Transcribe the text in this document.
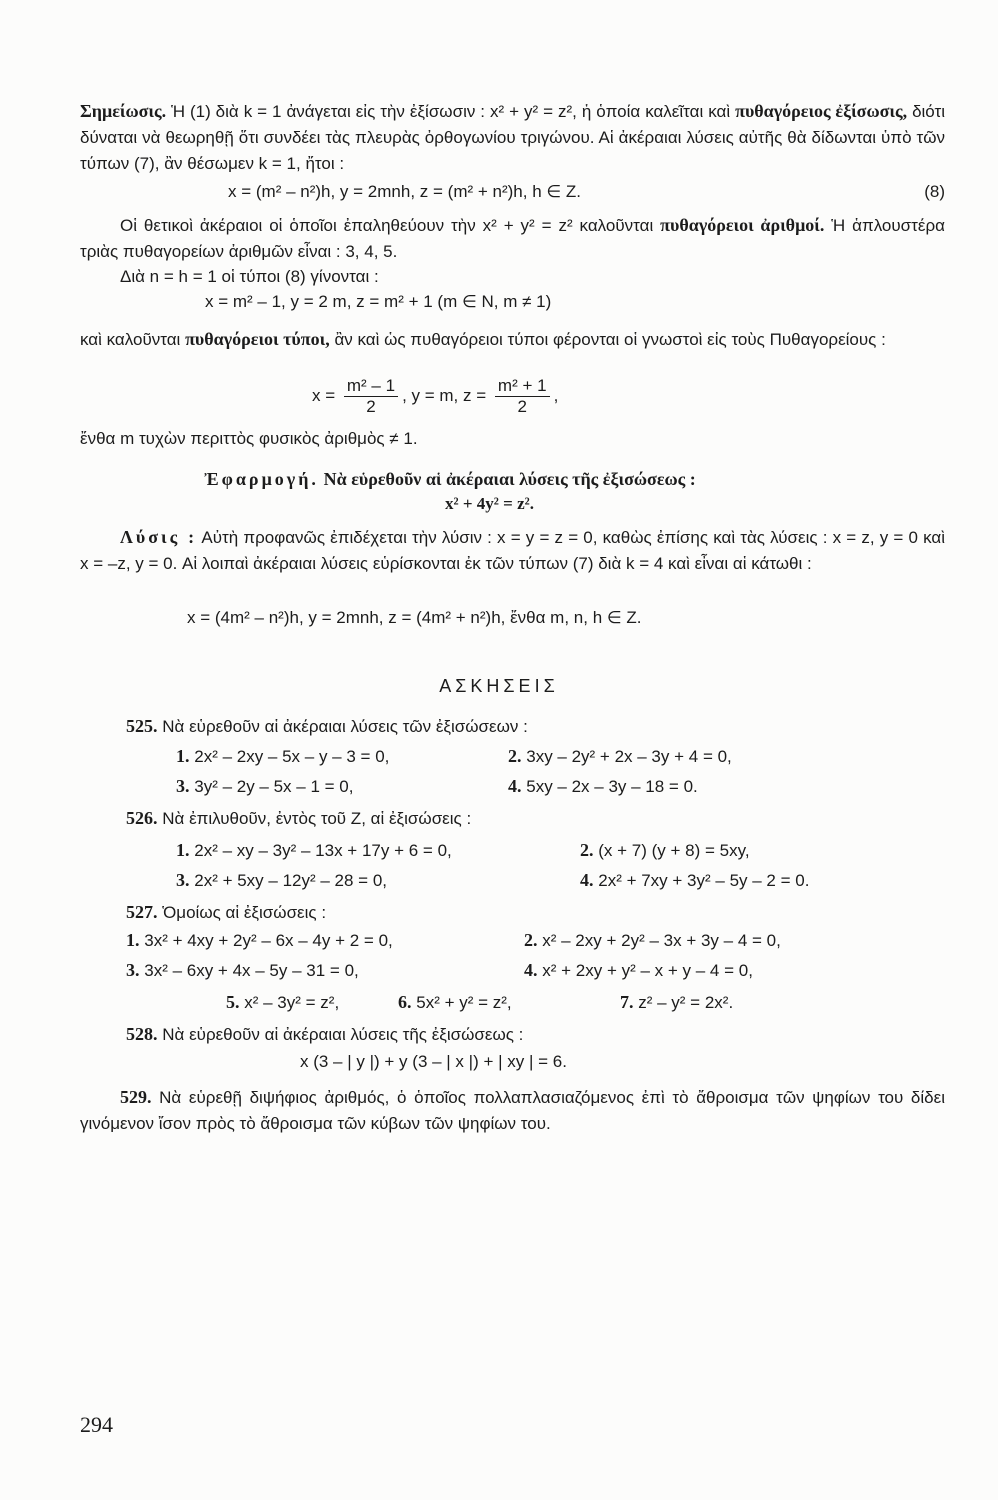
Σημείωσις. Ἡ (1) διὰ k = 1 ἀνάγεται εἰς τὴν ἐξίσωσιν : x² + y² = z², ἡ ὁποία καλεῖται καὶ πυθαγόρειος ἐξίσωσις, διότι δύναται νὰ θεωρηθῇ ὅτι συνδέει τὰς πλευρὰς ὀρθογωνίου τριγώνου. Αἱ ἀκέραιαι λύσεις αὐτῆς θὰ δίδωνται ὑπὸ τῶν τύπων (7), ἂν θέσωμεν k = 1, ἤτοι :

x = (m² – n²)h, y = 2mnh, z = (m² + n²)h, h ∈ Z.	(8)

Οἱ θετικοὶ ἀκέραιοι οἱ ὁποῖοι ἐπαληθεύουν τὴν x² + y² = z² καλοῦνται πυθαγόρειοι ἀριθμοί. Ἡ ἁπλουστέρα τριὰς πυθαγορείων ἀριθμῶν εἶναι : 3, 4, 5.

Διὰ n = h = 1 οἱ τύποι (8) γίνονται :

x = m² – 1, y = 2 m, z = m² + 1 (m ∈ N, m ≠ 1)

καὶ καλοῦνται πυθαγόρειοι τύποι, ἂν καὶ ὡς πυθαγόρειοι τύποι φέρονται οἱ γνωστοὶ εἰς τοὺς Πυθαγορείους :

$x = \frac{\text{m² – 1}}{2}$ , y = m, $z = \frac{\text{m² + 1}}{2}$ ,

ἔνθα m τυχὼν περιττὸς φυσικὸς ἀριθμὸς ≠ 1.

Ἐφαρμογή. Νὰ εὑρεθοῦν αἱ ἀκέραιαι λύσεις τῆς ἐξισώσεως :

x² + 4y² = z².

Λύσις : Αὐτὴ προφανῶς ἐπιδέχεται τὴν λύσιν : x = y = z = 0, καθὼς ἐπίσης καὶ τὰς λύσεις : x = z, y = 0 καὶ x = –z, y = 0. Αἱ λοιπαὶ ἀκέραιαι λύσεις εὑρίσκονται ἐκ τῶν τύπων (7) διὰ k = 4 καὶ εἶναι αἱ κάτωθι :

x = (4m² – n²)h, y = 2mnh, z = (4m² + n²)h, ἔνθα m, n, h ∈ Z.
ΑΣΚΗΣΕΙΣ
525. Νὰ εὑρεθοῦν αἱ ἀκέραιαι λύσεις τῶν ἐξισώσεων :
1. 2x² – 2xy – 5x – y – 3 = 0,	2. 3xy – 2y² + 2x – 3y + 4 = 0,
3. 3y² – 2y – 5x – 1 = 0,	4. 5xy – 2x – 3y – 18 = 0.
526. Νὰ ἐπιλυθοῦν, ἐντὸς τοῦ Z, αἱ ἐξισώσεις :
1. 2x² – xy – 3y² – 13x + 17y + 6 = 0,	2. (x + 7) (y + 8) = 5xy,
3. 2x² + 5xy – 12y² – 28 = 0,	4. 2x² + 7xy + 3y² – 5y – 2 = 0.
527. Ὁμοίως αἱ ἐξισώσεις :
1. 3x² + 4xy + 2y² – 6x – 4y + 2 = 0,	2. x² – 2xy + 2y² – 3x + 3y – 4 = 0,
3. 3x² – 6xy + 4x – 5y – 31 = 0,	4. x² + 2xy + y² – x + y – 4 = 0,
5. x² – 3y² = z²,	6. 5x² + y² = z²,	7. z² – y² = 2x².
528. Νὰ εὑρεθοῦν αἱ ἀκέραιαι λύσεις τῆς ἐξισώσεως :
x (3 – | y |) + y (3 – | x |) + | xy | = 6.

529. Νὰ εὑρεθῇ διψήφιος ἀριθμός, ὁ ὁποῖος πολλαπλασιαζόμενος ἐπὶ τὸ ἄθροισμα τῶν ψηφίων του δίδει γινόμενον ἴσον πρὸς τὸ ἄθροισμα τῶν κύβων τῶν ψηφίων του.

294
